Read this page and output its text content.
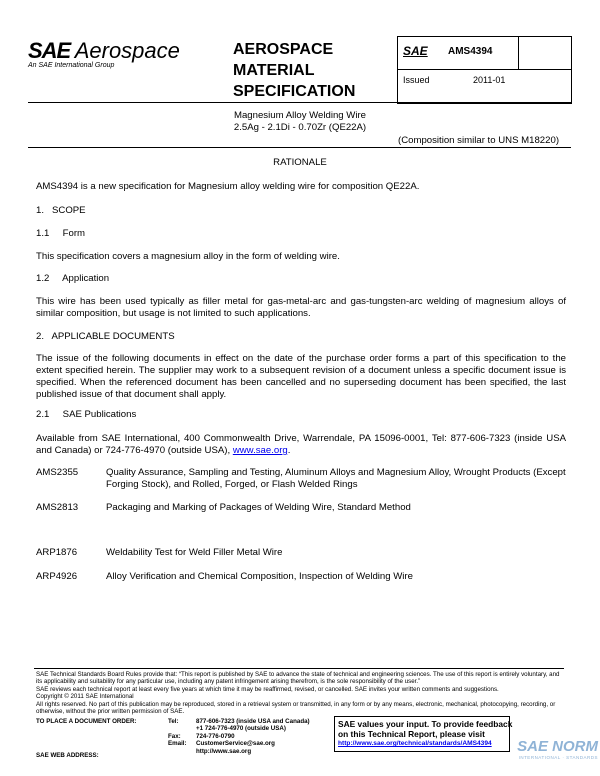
SAE Aerospace
An SAE International Group
AEROSPACE
MATERIAL
SPECIFICATION
SAE AMS4394
Issued	2011-01
Magnesium Alloy Welding Wire
2.5Ag - 2.1Di - 0.70Zr (QE22A)
(Composition similar to UNS M18220)
RATIONALE
AMS4394 is a new specification for Magnesium alloy welding wire for composition QE22A.
1.   SCOPE
1.1     Form
This specification covers a magnesium alloy in the form of welding wire.
1.2     Application
This wire has been used typically as filler metal for gas-metal-arc and gas-tungsten-arc welding of magnesium alloys of similar composition, but usage is not limited to such applications.
2.   APPLICABLE DOCUMENTS
The issue of the following documents in effect on the date of the purchase order forms a part of this specification to the extent specified herein. The supplier may work to a subsequent revision of a document unless a specific document issue is specified. When the referenced document has been cancelled and no superseding document has been specified, the last published issue of that document shall apply.
2.1     SAE Publications
Available from SAE International, 400 Commonwealth Drive, Warrendale, PA 15096-0001, Tel: 877-606-7323 (inside USA and Canada) or 724-776-4970 (outside USA), www.sae.org.
AMS2355	Quality Assurance, Sampling and Testing, Aluminum Alloys and Magnesium Alloy, Wrought Products (Except Forging Stock), and Rolled, Forged, or Flash Welded Rings
AMS2813	Packaging and Marking of Packages of Welding Wire, Standard Method
ARP1876	Weldability Test for Weld Filler Metal Wire
ARP4926	Alloy Verification and Chemical Composition, Inspection of Welding Wire
SAE Technical Standards Board Rules provide that: “This report is published by SAE to advance the state of technical and engineering sciences. The use of this report is entirely voluntary, and its applicability and suitability for any particular use, including any patent infringement arising therefrom, is the sole responsibility of the user.”
SAE reviews each technical report at least every five years at which time it may be reaffirmed, revised, or cancelled. SAE invites your written comments and suggestions.
Copyright © 2011 SAE International
All rights reserved. No part of this publication may be reproduced, stored in a retrieval system or transmitted, in any form or by any means, electronic, mechanical, photocopying, recording, or otherwise, without the prior written permission of SAE.
TO PLACE A DOCUMENT ORDER:	Tel:	877-606-7323 (inside USA and Canada)
+1 724-776-4970 (outside USA)
Fax:	724-776-0790
Email:	CustomerService@sae.org
http://www.sae.org
SAE WEB ADDRESS:
SAE values your input. To provide feedback
on this Technical Report, please visit
http://www.sae.org/technical/standards/AMS4394	SAE NORM
INTERNATIONAL · STANDARDS
